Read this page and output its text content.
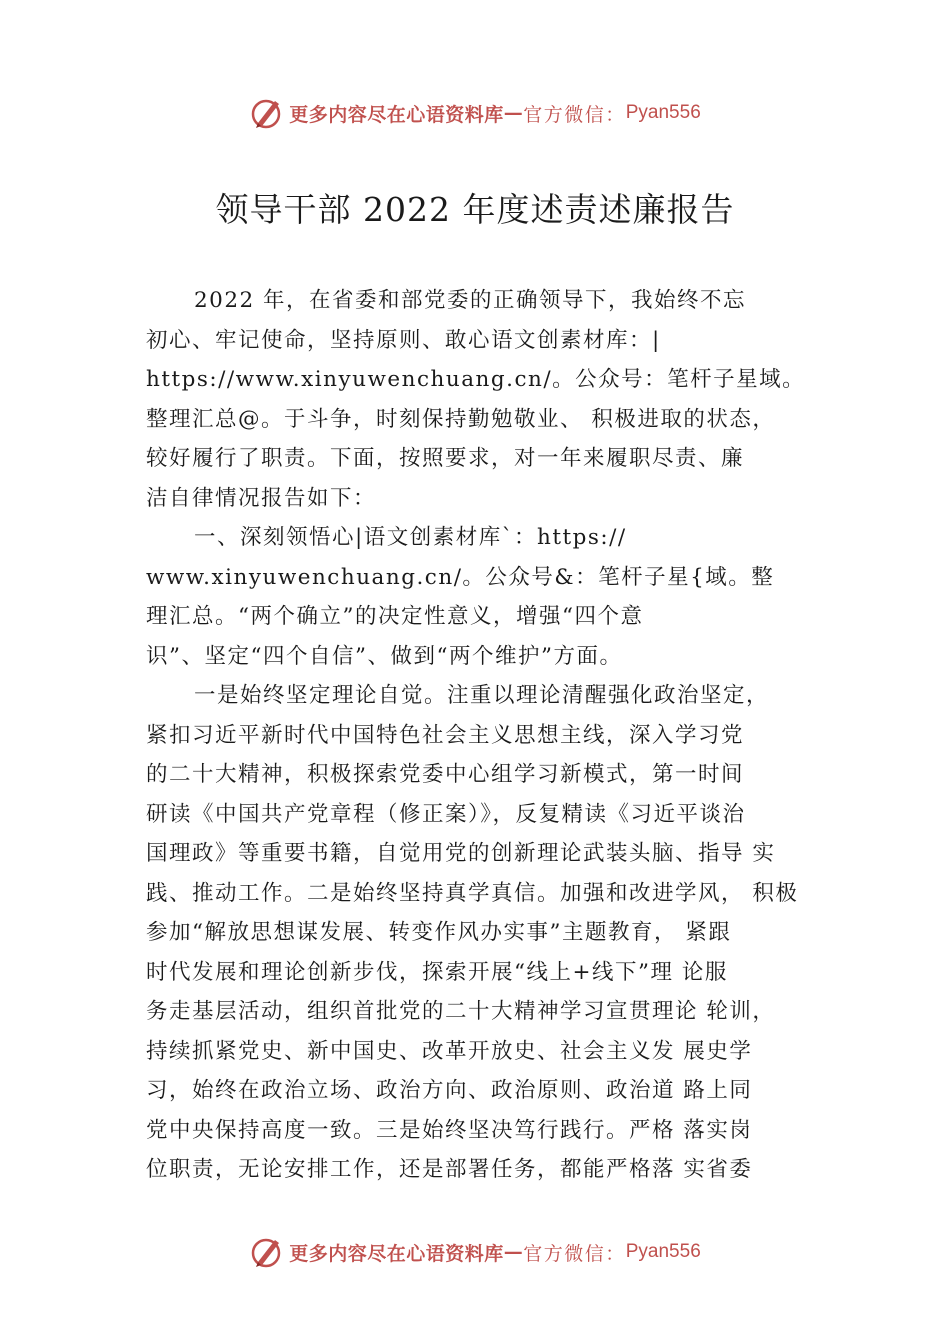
更多内容尽在心语资料库 — 官方微信： Pyan556
领导干部 2022 年度述责述廉报告
2022 年，在省委和部党委的正确领导下，我始终不忘
初心、牢记使命，坚持原则、敢心语文创素材库：|
https://www.xinyuwenchuang.cn/。公众号：笔杆子星域。
整理汇总@。于斗争，时刻保持勤勉敬业、 积极进取的状态，
较好履行了职责。下面，按照要求，对一年来履职尽责、廉
洁自律情况报告如下：
一、深刻领悟心|语文创素材库`：https://
www.xinyuwenchuang.cn/。公众号&：笔杆子星{域。整
理汇总。“两个确立”的决定性意义，增强“四个意
识”、坚定“四个自信”、做到“两个维护”方面。
一是始终坚定理论自觉。注重以理论清醒强化政治坚定，
紧扣习近平新时代中国特色社会主义思想主线，深入学习党
的二十大精神，积极探索党委中心组学习新模式，第一时间
研读《中国共产党章程（修正案）》，反复精读《习近平谈治
国理政》等重要书籍，自觉用党的创新理论武装头脑、指导 实
践、推动工作。二是始终坚持真学真信。加强和改进学风， 积极
参加“解放思想谋发展、转变作风办实事”主题教育， 紧跟
时代发展和理论创新步伐，探索开展“线上+线下”理 论服
务走基层活动，组织首批党的二十大精神学习宣贯理论 轮训，
持续抓紧党史、新中国史、改革开放史、社会主义发 展史学
习，始终在政治立场、政治方向、政治原则、政治道 路上同
党中央保持高度一致。三是始终坚决笃行践行。严格 落实岗
位职责，无论安排工作，还是部署任务，都能严格落 实省委
更多内容尽在心语资料库 — 官方微信： Pyan556
